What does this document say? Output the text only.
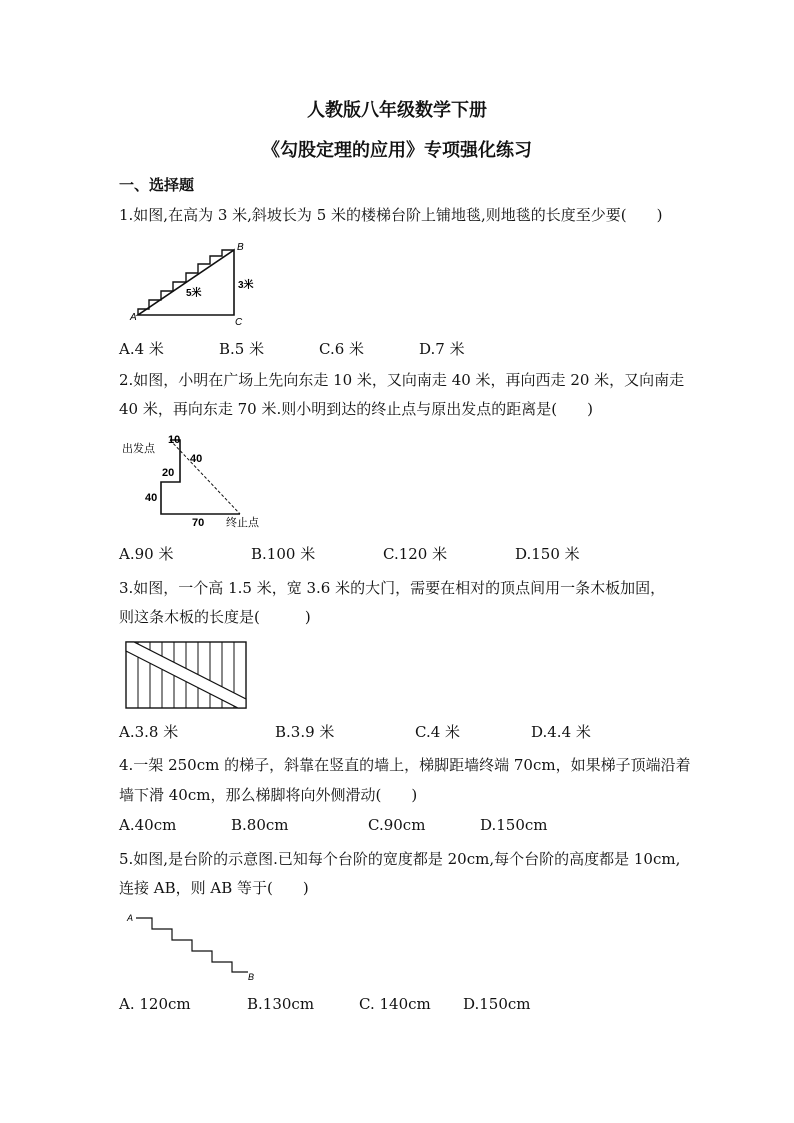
人教版八年级数学下册
《勾股定理的应用》专项强化练习
一、选择题
1.如图,在高为 3 米,斜坡长为 5 米的楼梯台阶上铺地毯,则地毯的长度至少要(　　)
A
B
C
5米
3米
A.4 米	B.5 米	C.6 米	D.7 米
2.如图，小明在广场上先向东走 10 米，又向南走 40 米，再向西走 20 米，又向南走
40 米，再向东走 70 米.则小明到达的终止点与原出发点的距离是(　　)
出发点
终止点
10
40
20
40
70
A.90 米	B.100 米	C.120 米	D.150 米
3.如图，一个高 1.5 米，宽 3.6 米的大门，需要在相对的顶点间用一条木板加固，
则这条木板的长度是(　　　)
A.3.8 米	B.3.9 米	C.4 米	D.4.4 米
4.一架 250cm 的梯子，斜靠在竖直的墙上，梯脚距墙终端 70cm，如果梯子顶端沿着
墙下滑 40cm，那么梯脚将向外侧滑动(　　)
A.40cm	B.80cm	C.90cm	D.150cm
5.如图,是台阶的示意图.已知每个台阶的宽度都是 20cm,每个台阶的高度都是 10cm,
连接 AB，则 AB 等于(　　)
A
B
A. 120cm	B.130cm	C. 140cm D.150cm
